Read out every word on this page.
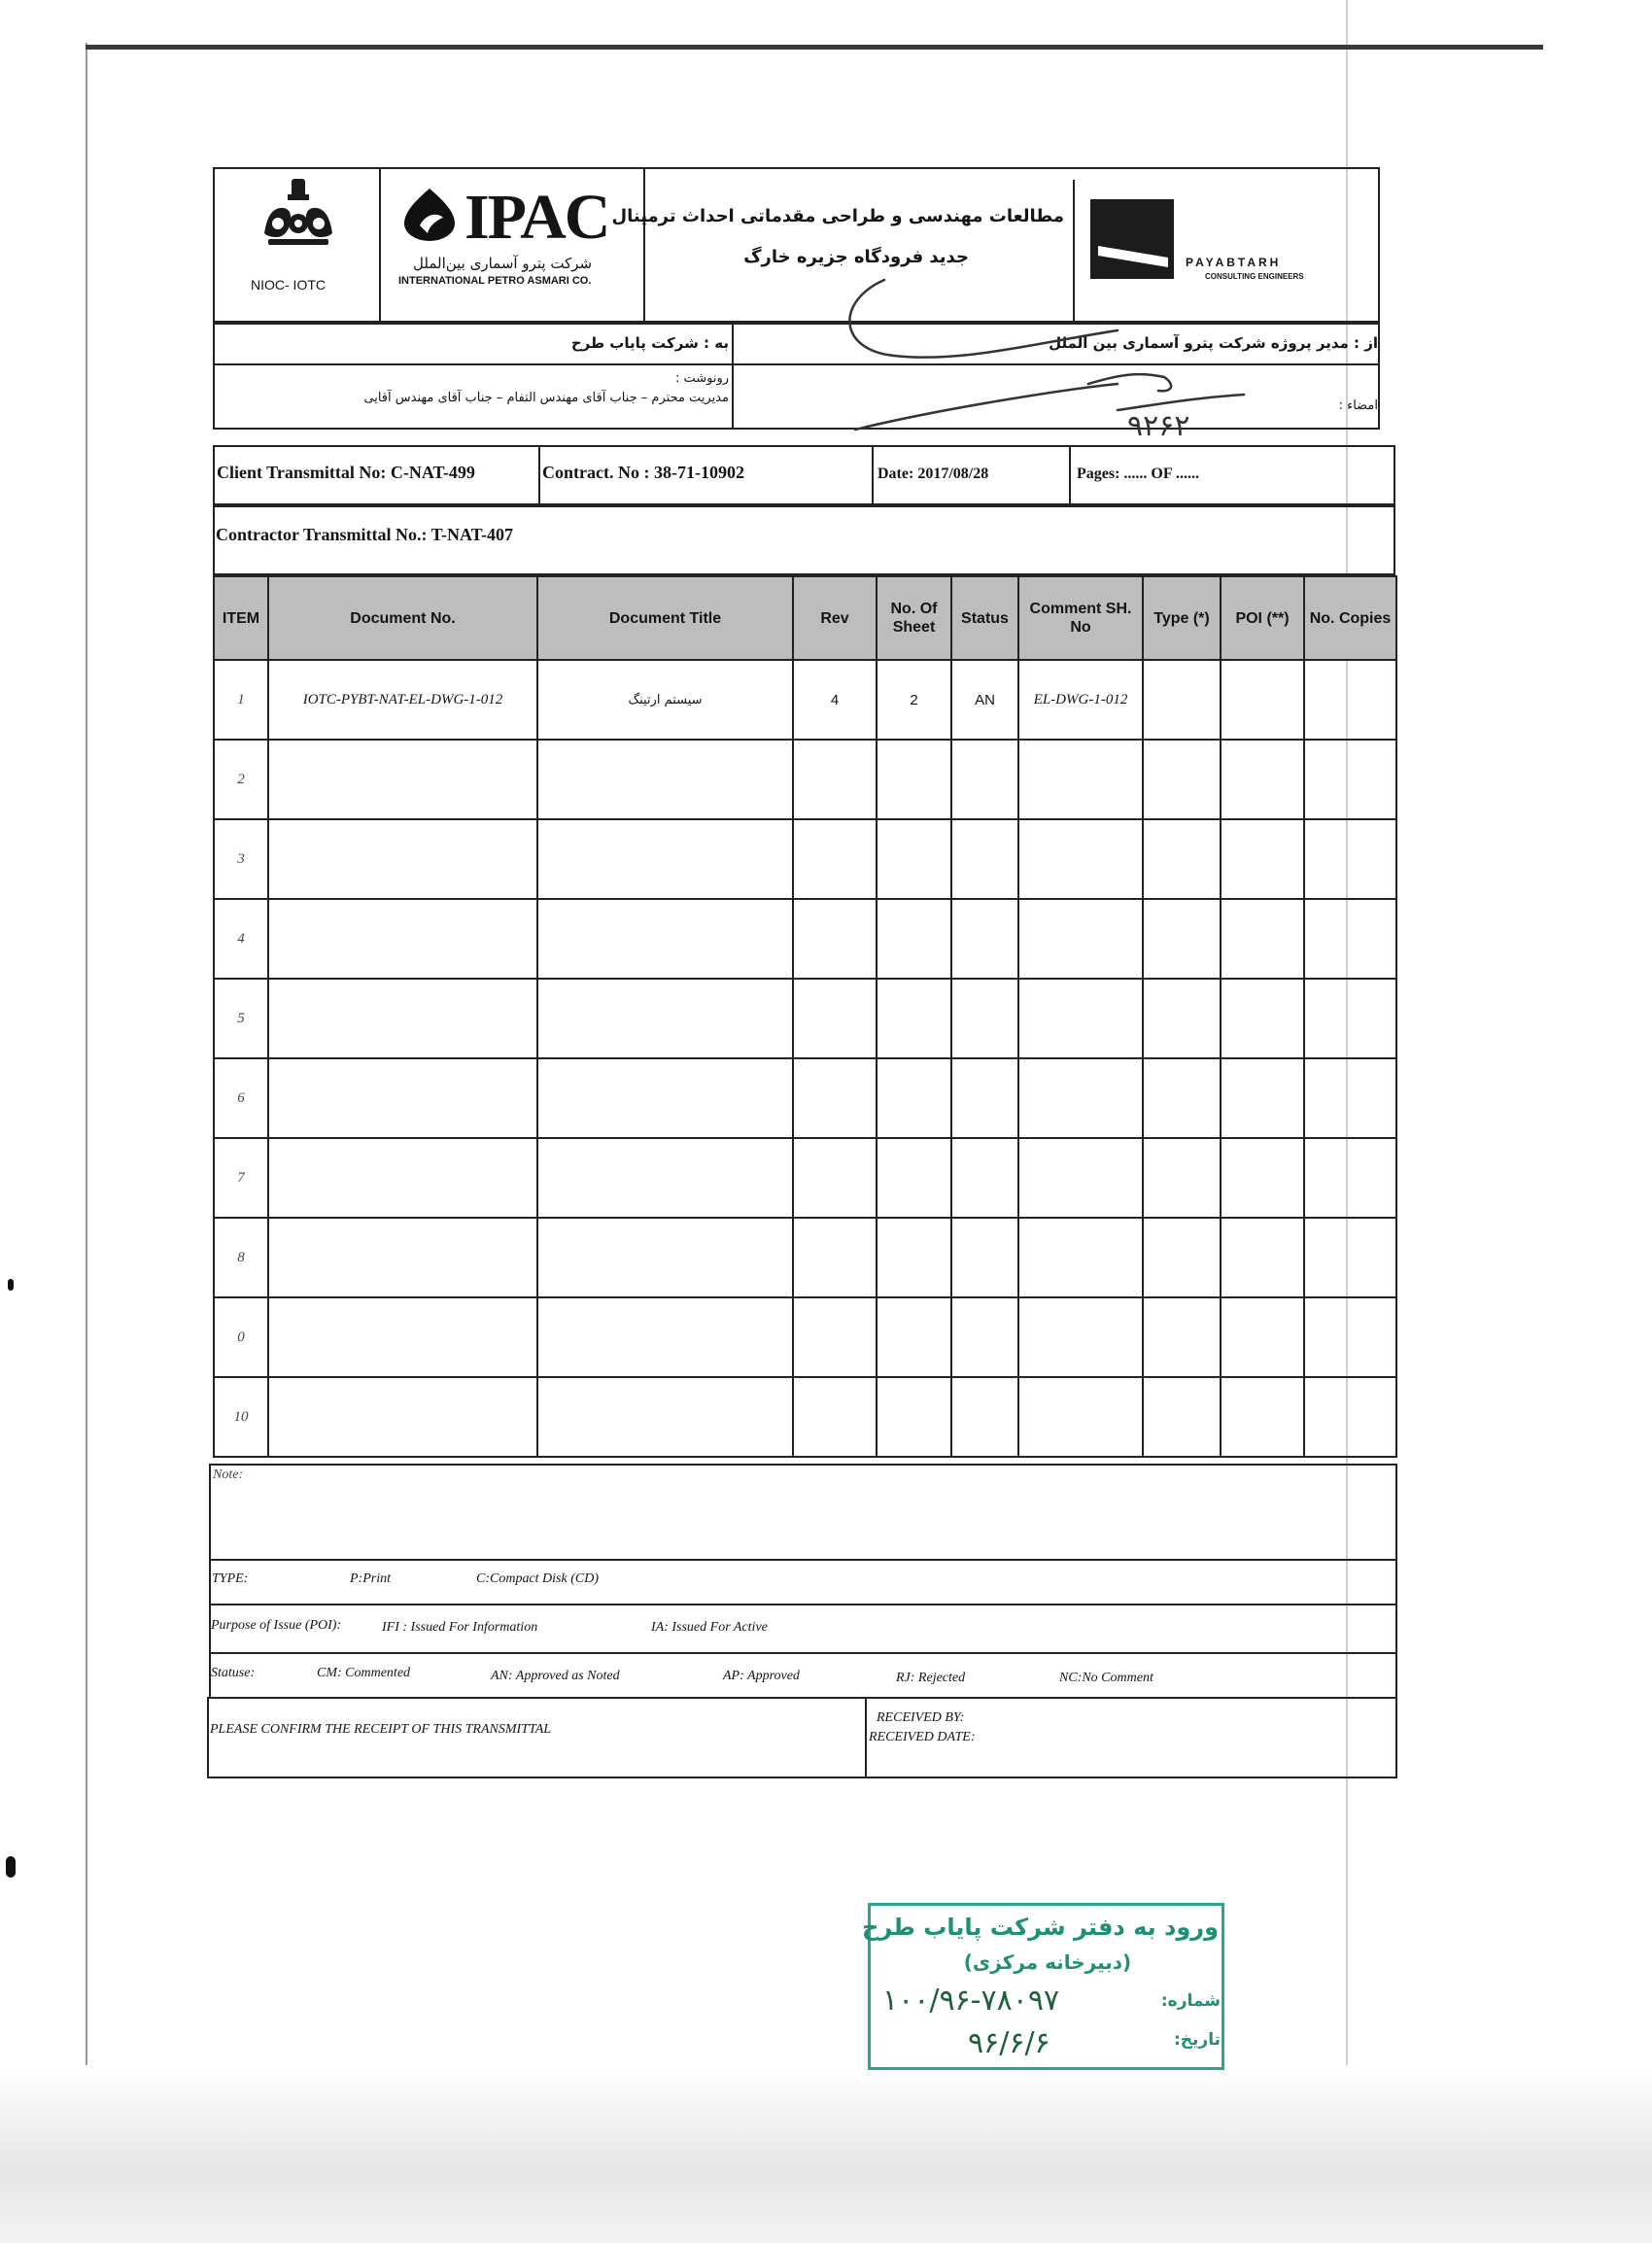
NIOC- IOTC
IPAC
شرکت پترو آسماری بین‌الملل
INTERNATIONAL PETRO ASMARI CO.
مطالعات مهندسی و طراحی مقدماتی احداث ترمینال
جدید فرودگاه جزیره خارگ	PAYABTARH
CONSULTING ENGINEERS
به : شرکت پایاب طرح	از : مدیر پروژه شرکت پترو آسماری بین الملل
رونوشت :
مدیریت محترم – جناب آقای مهندس التفام – جناب آقای مهندس آقایی
امضاء :
۹۲۶۲
Client Transmittal No: C-NAT-499	Contract. No : 38-71-10902	Date: 2017/08/28	Pages: ...... OF ......
Contractor Transmittal No.: T-NAT-407
ITEM	Document No.	Document Title	Rev	No. Of Sheet	Status	Comment SH. No	Type (*)	POI (**)	No. Copies
1	IOTC-PYBT-NAT-EL-DWG-1-012	سیستم ارتینگ	4	2	AN	EL-DWG-1-012			
2									
3									
4									
5									
6									
7									
8									
0									
10									
Note:
TYPE:	P:Print	C:Compact Disk (CD)
Purpose of Issue (POI):	IFI : Issued For Information	IA: Issued For Active
Statuse:	CM: Commented	AN: Approved as Noted	AP: Approved	RJ: Rejected	NC:No Comment
PLEASE CONFIRM THE RECEIPT OF THIS TRANSMITTAL
RECEIVED BY:
RECEIVED DATE:
ورود به دفتر شرکت پایاب طرح
(دبیرخانه مرکزی)
شماره:
۱۰۰/۹۶-۷۸۰۹۷
تاریخ:
۹۶/۶/۶
